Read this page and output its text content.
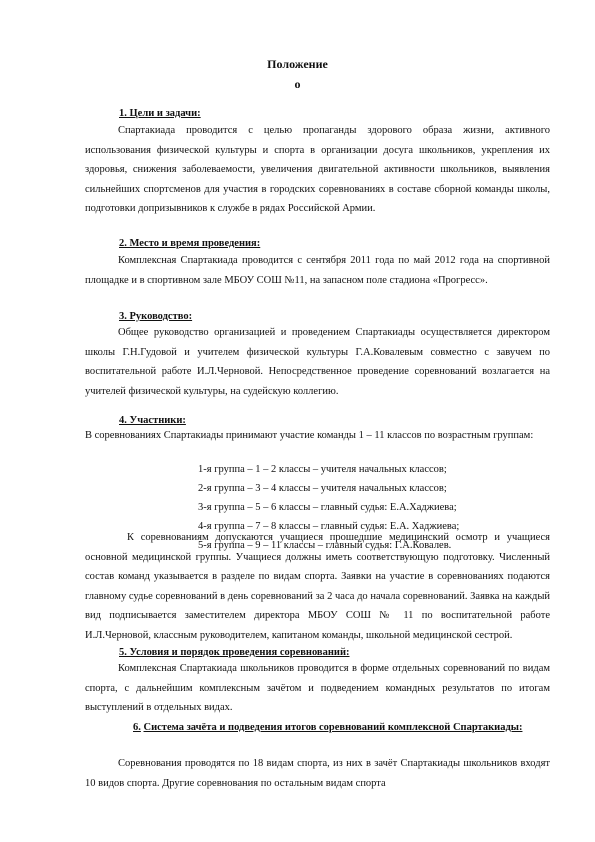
Положение
о
1. Цели и задачи:
Спартакиада проводится с целью пропаганды здорового образа жизни, активного использования физической культуры и спорта в организации досуга школьников, укрепления их здоровья, снижения заболеваемости, увеличения двигательной активности школьников, выявления сильнейших спортсменов для участия в городских соревнованиях в составе сборной команды школы, подготовки допризывников к службе в рядах Российской Армии.
2. Место и время проведения:
Комплексная Спартакиада проводится с сентября 2011 года по май 2012 года на спортивной площадке и в спортивном зале МБОУ СОШ №11, на запасном поле стадиона «Прогресс».
3. Руководство:
Общее руководство организацией и проведением Спартакиады осуществляется директором школы Г.Н.Гудовой и учителем физической культуры Г.А.Ковалевым совместно с завучем по воспитательной работе И.Л.Черновой. Непосредственное проведение соревнований возлагается на учителей физической культуры, на судейскую коллегию.
4. Участники:
В соревнованиях Спартакиады принимают участие команды 1 – 11 классов по возрастным группам:
1-я группа – 1 – 2 классы – учителя начальных классов;
2-я группа – 3 – 4 классы – учителя начальных классов;
3-я группа – 5 – 6 классы – главный судья: Е.А.Хаджиева;
4-я группа – 7 – 8 классы – главный судья: Е.А. Хаджиева;
5-я группа – 9 – 11 классы – главный судья: Г.А.Ковалев.
К соревнованиям допускаются учащиеся прошедшие медицинский осмотр и учащиеся основной медицинской группы. Учащиеся должны иметь соответствующую подготовку. Численный состав команд указывается в разделе по видам спорта. Заявки на участие в соревнованиях подаются главному судье соревнований в день соревнований за 2 часа до начала соревнований. Заявка на каждый вид подписывается заместителем директора МБОУ СОШ № 11 по воспитательной работе И.Л.Черновой, классным руководителем, капитаном команды, школьной медицинской сестрой.
5. Условия и порядок проведения соревнований:
Комплексная Спартакиада школьников проводится в форме отдельных соревнований по видам спорта, с дальнейшим комплексным зачётом и подведением командных результатов по итогам выступлений в отдельных видах.
6. Система зачёта и подведения итогов соревнований комплексной Спартакиады:
Соревнования проводятся по 18 видам спорта, из них в зачёт Спартакиады школьников входят 10 видов спорта. Другие соревнования по остальным видам спорта
